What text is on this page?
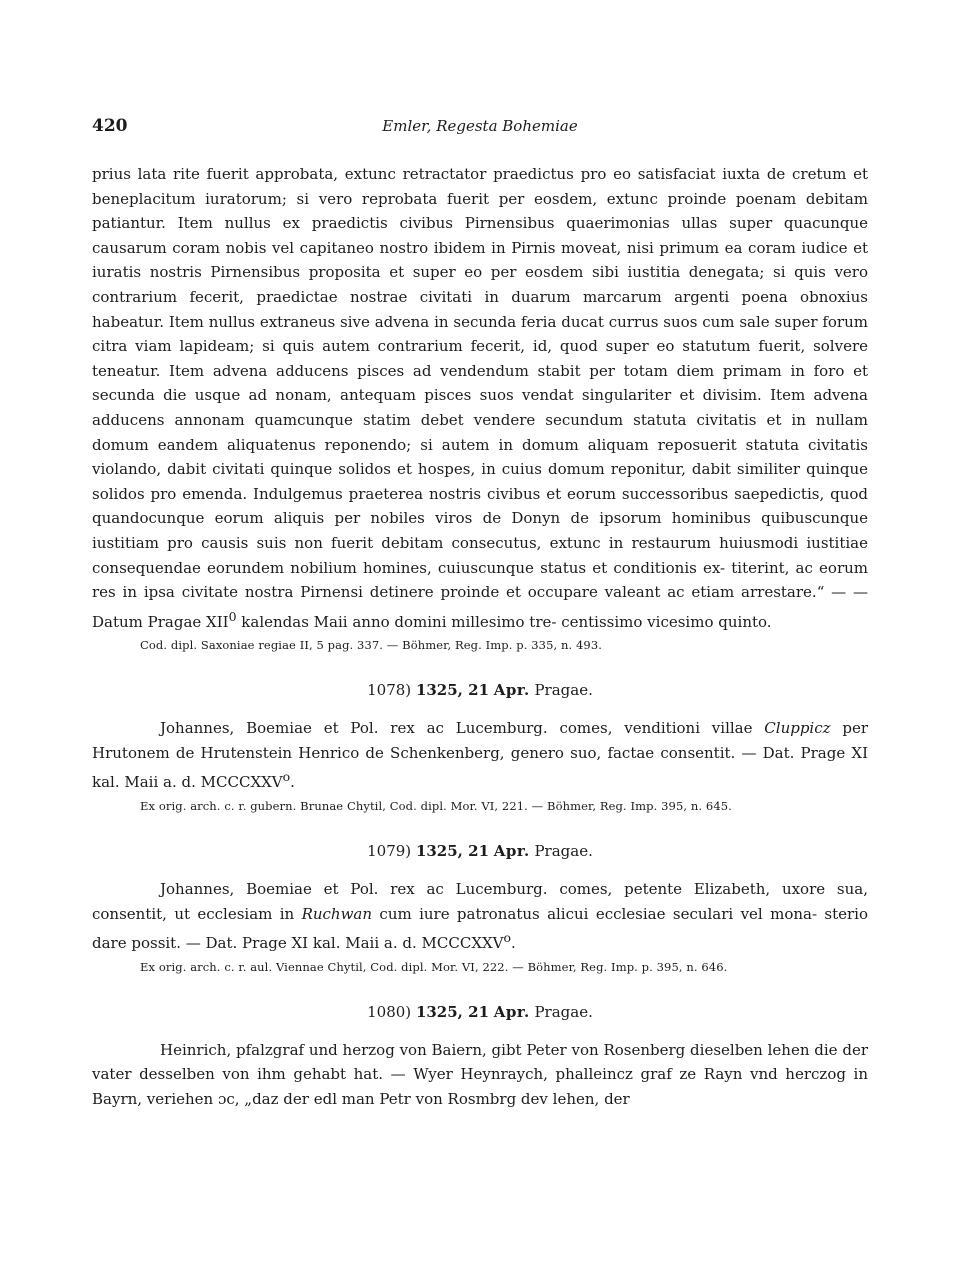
420	Emler, Regesta Bohemiae

prius lata rite fuerit approbata, extunc retractator praedictus pro eo satisfaciat iuxta de cretum et beneplacitum iuratorum; si vero reprobata fuerit per eosdem, extunc proinde poenam debitam patiantur. Item nullus ex praedictis civibus Pirnensibus quaerimonias ullas super quacunque causarum coram nobis vel capitaneo nostro ibidem in Pirnis moveat, nisi primum ea coram iudice et iuratis nostris Pirnensibus proposita et super eo per eosdem sibi iustitia denegata; si quis vero contrarium fecerit, praedictae nostrae civitati in duarum marcarum argenti poena obnoxius habeatur. Item nullus extraneus sive advena in secunda feria ducat currus suos cum sale super forum citra viam lapideam; si quis autem contrarium fecerit, id, quod super eo statutum fuerit, solvere teneatur. Item advena adducens pisces ad vendendum stabit per totam diem primam in foro et secunda die usque ad nonam, antequam pisces suos vendat singulariter et divisim. Item advena adducens annonam quamcunque statim debet vendere secundum statuta civitatis et in nullam domum eandem aliquatenus reponendo; si autem in domum aliquam reposuerit statuta civitatis violando, dabit civitati quinque solidos et hospes, in cuius domum reponitur, dabit similiter quinque solidos pro emenda. Indulgemus praeterea nostris civibus et eorum successoribus saepedictis, quod quandocunque eorum aliquis per nobiles viros de Donyn de ipsorum hominibus quibuscunque iustitiam pro causis suis non fuerit debitam consecutus, extunc in restaurum huiusmodi iustitiae consequendae eorundem nobilium homines, cuiuscunque status et conditionis ex- titerint, ac eorum res in ipsa civitate nostra Pirnensi detinere proinde et occupare valeant ac etiam arrestare.“ — — Datum Pragae XII$^0$ kalendas Maii anno domini millesimo tre- centissimo vicesimo quinto.

Cod. dipl. Saxoniae regiae II, 5 pag. 337. — Böhmer, Reg. Imp. p. 335, n. 493.
1078) 1325, 21 Apr. Pragae.

Johannes, Boemiae et Pol. rex ac Lucemburg. comes, venditioni villae Cluppicz per Hrutonem de Hrutenstein Henrico de Schenkenberg, genero suo, factae consentit. — Dat. Prage XI kal. Maii a. d. MCCCXXV$^o$.

Ex orig. arch. c. r. gubern. Brunae Chytil, Cod. dipl. Mor. VI, 221. — Böhmer, Reg. Imp. 395, n. 645.
1079) 1325, 21 Apr. Pragae.

Johannes, Boemiae et Pol. rex ac Lucemburg. comes, petente Elizabeth, uxore sua, consentit, ut ecclesiam in Ruchwan cum iure patronatus alicui ecclesiae seculari vel mona- sterio dare possit. — Dat. Prage XI kal. Maii a. d. MCCCXXV$^o$.

Ex orig. arch. c. r. aul. Viennae Chytil, Cod. dipl. Mor. VI, 222. — Böhmer, Reg. Imp. p. 395, n. 646.
1080) 1325, 21 Apr. Pragae.

Heinrich, pfalzgraf und herzog von Baiern, gibt Peter von Rosenberg dieselben lehen die der vater desselben von ihm gehabt hat. — Wyer Heynraych, phalleincz graf ze Rayn vnd herczog in Bayrn, veriehen ɔc, „daz der edl man Petr von Rosmbrg dev lehen, der
